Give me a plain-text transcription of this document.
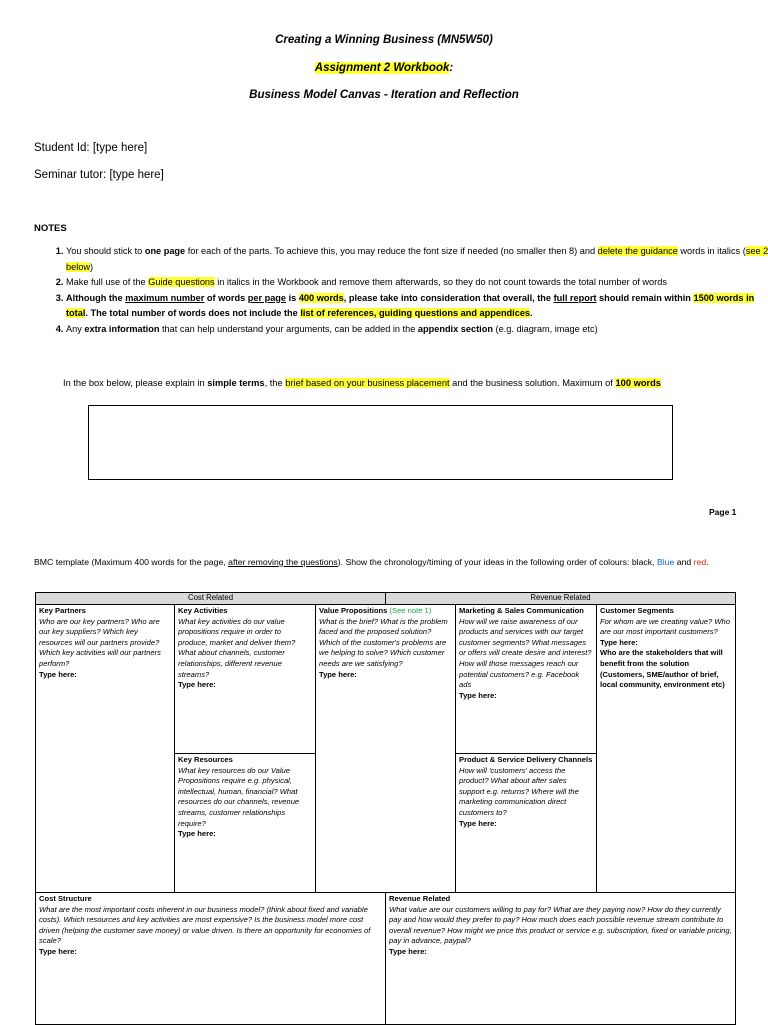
Creating a Winning Business (MN5W50)
Assignment 2 Workbook:
Business Model Canvas - Iteration and Reflection
Student Id: [type here]
Seminar tutor: [type here]
NOTES
1. You should stick to one page for each of the parts. To achieve this, you may reduce the font size if needed (no smaller then 8) and delete the guidance words in italics (see 2 below)
2. Make full use of the Guide questions in italics in the Workbook and remove them afterwards, so they do not count towards the total number of words
3. Although the maximum number of words per page is 400 words, please take into consideration that overall, the full report should remain within 1500 words in total. The total number of words does not include the list of references, guiding questions and appendices.
4. Any extra information that can help understand your arguments, can be added in the appendix section (e.g. diagram, image etc)
In the box below, please explain in simple terms, the brief based on your business placement and the business solution. Maximum of 100 words
Page 1
BMC template (Maximum 400 words for the page, after removing the questions). Show the chronology/timing of your ideas in the following order of colours: black, Blue and red.
Cost Related	Revenue Related
Key Partners
Who are our key partners? Who are our key suppliers? Which key resources will our partners provide? Which key activities will our partners perform?
Type here:
Key Activities
What key activities do our value propositions require in order to produce, market and deliver them? What about channels, customer relationships, different revenue streams?
Type here:
Key Resources
What key resources do our Value Propositions require e.g. physical, intellectual, human, financial? What resources do our channels, revenue streams, customer relationships require?
Type here:
Value Propositions (See note 1)
What is the brief? What is the problem faced and the proposed solution? Which of the customer's problems are we helping to solve? Which customer needs are we satisfying?
Type here:
Marketing & Sales Communication
How will we raise awareness of our products and services with our target customer segments? What messages or offers will create desire and interest? How will those messages reach our potential customers? e.g. Facebook ads
Type here:
Product & Service Delivery Channels
How will 'customers' access the product? What about after sales support e.g. returns? Where will the marketing communication direct customers to?
Type here:
Customer Segments
For whom are we creating value? Who are our most important customers?
Type here:
Who are the stakeholders that will benefit from the solution (Customers, SME/author of brief, local community, environment etc)
Cost Structure
What are the most important costs inherent in our business model? (think about fixed and variable costs). Which resources and key activities are most expensive? Is the business model more cost driven (helping the customer save money) or value driven. Is there an opportunity for economies of scale?
Type here:
Revenue Related
What value are our customers willing to pay for? What are they paying now? How do they currently pay and how would they prefer to pay? How much does each possible revenue stream contribute to overall revenue? How might we price this product or service e.g. subscription, fixed or variable pricing, pay in advance, paypal?
Type here:
